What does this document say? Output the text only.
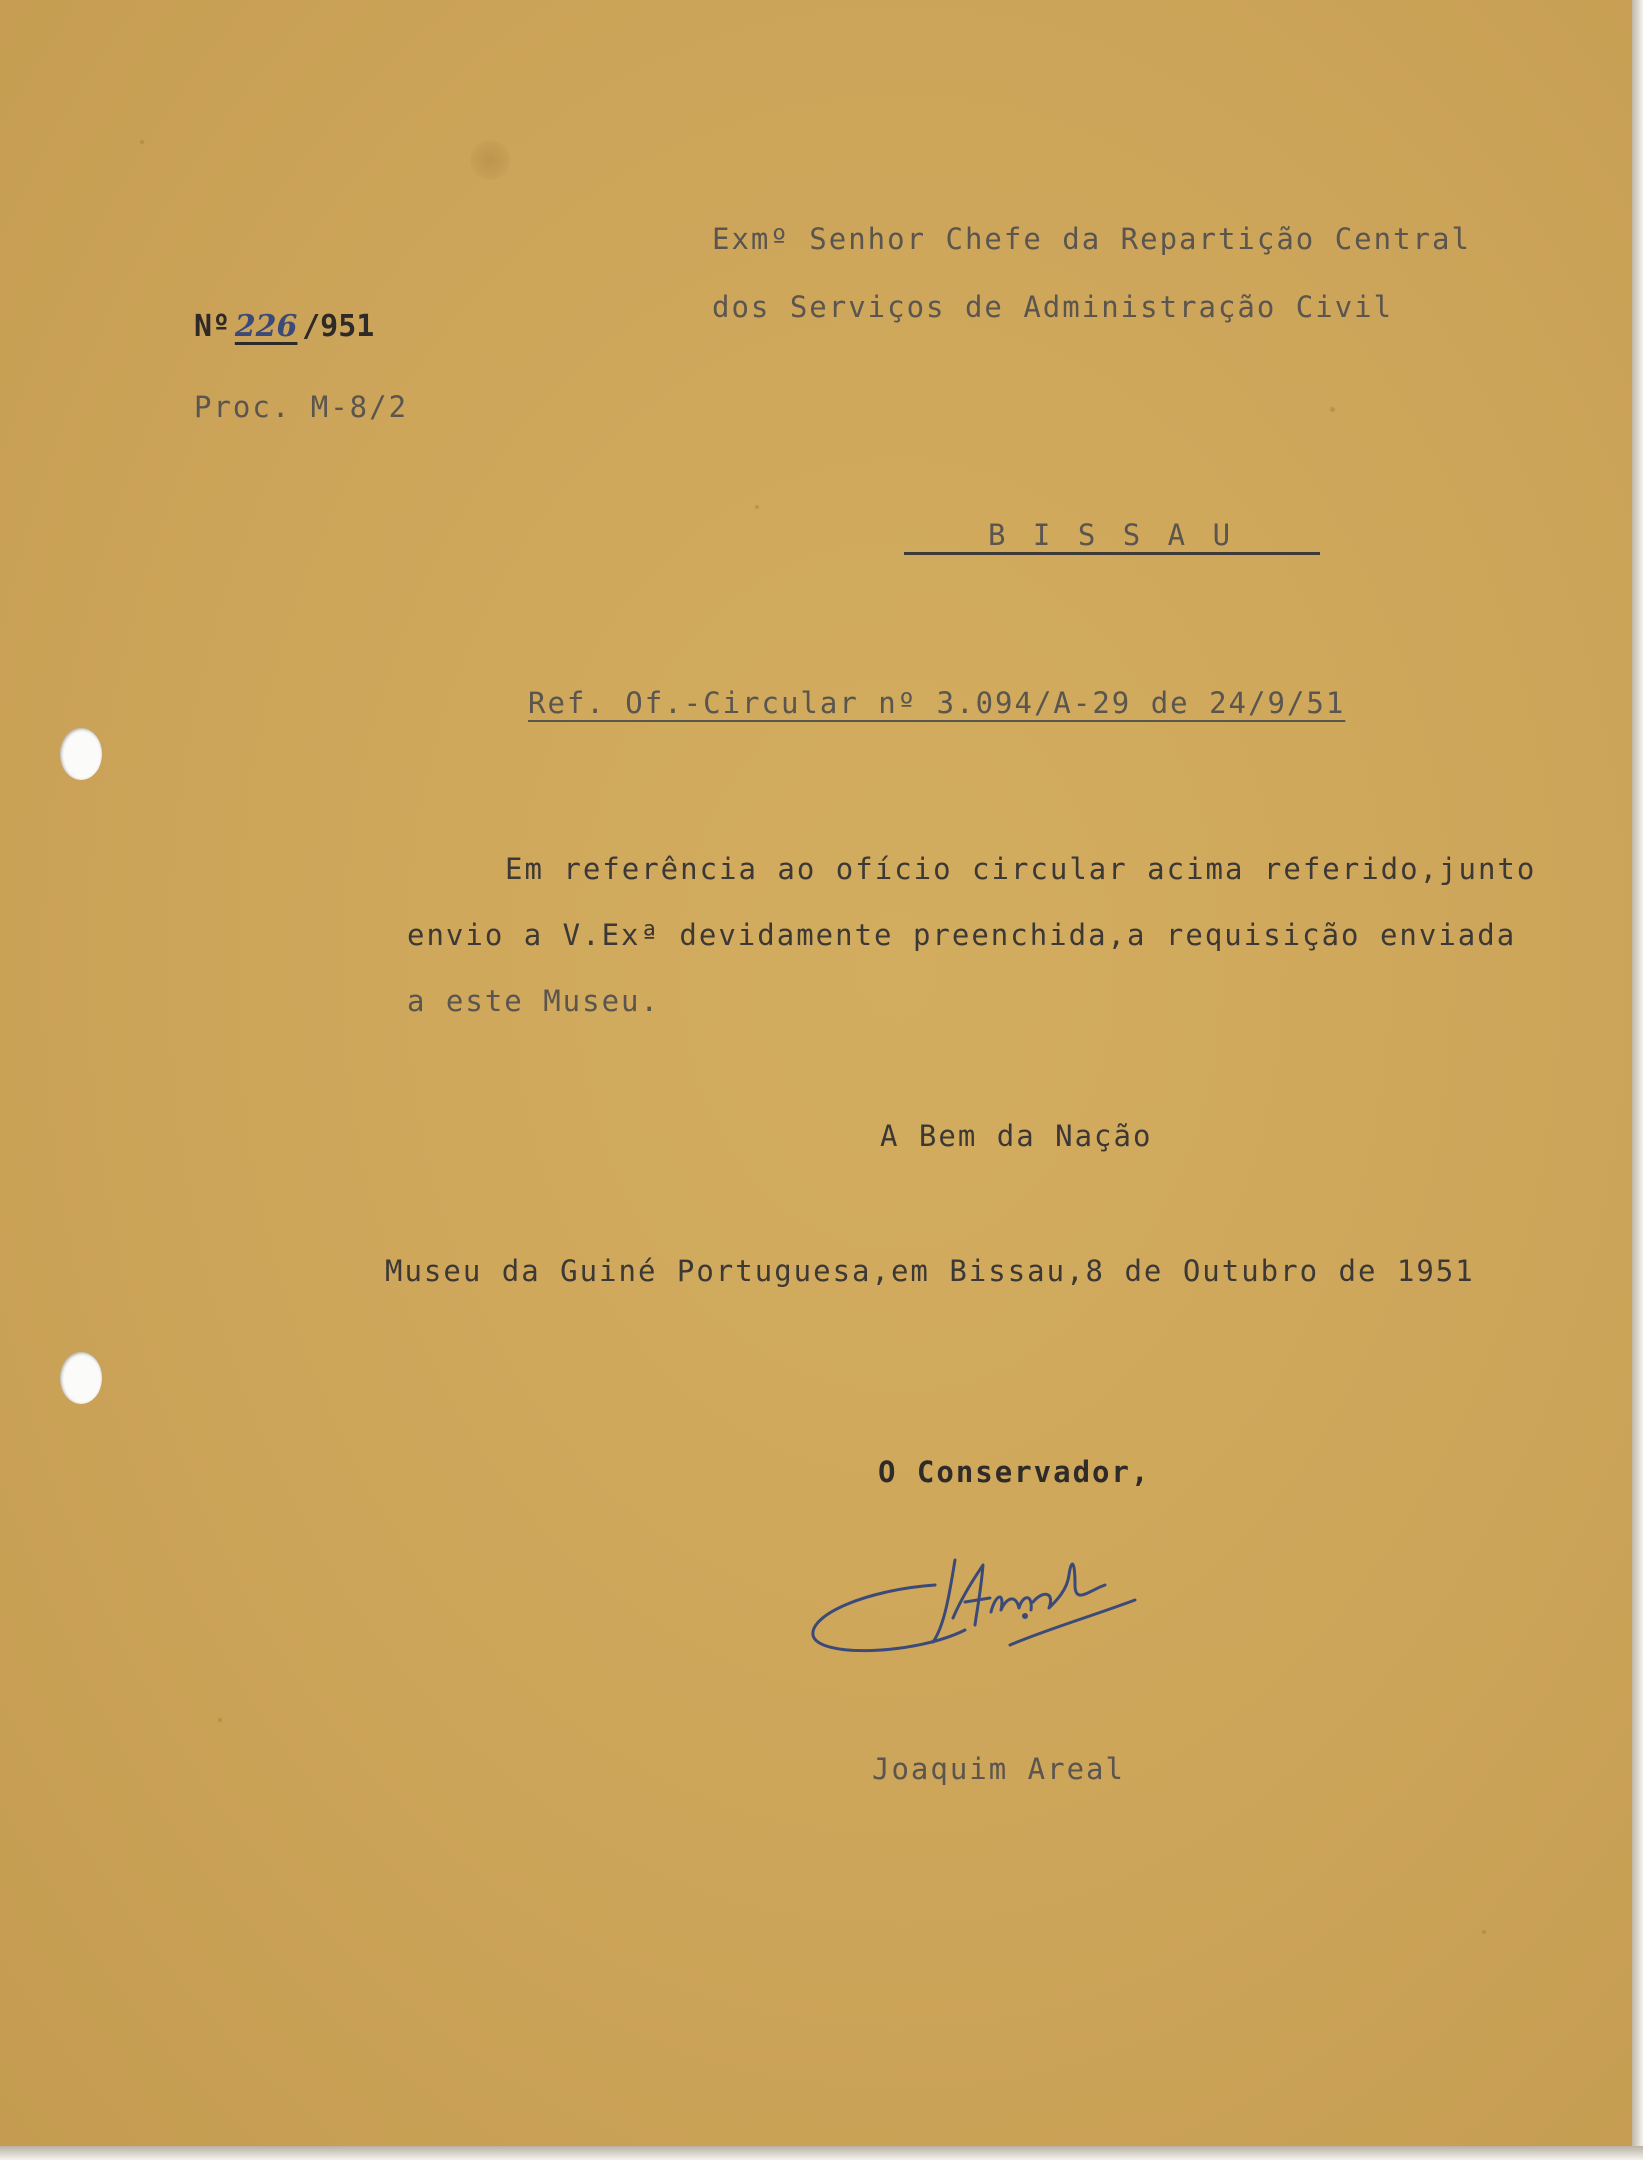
Exmº Senhor Chefe da Repartição Central
dos Serviços de Administração Civil
Nº 226 /951
Proc. M-8/2
B I S S A U
Ref. Of.-Circular nº 3.094/A-29 de 24/9/51
Em referência ao ofício circular acima referido,junto
envio a V.Exª devidamente preenchida,a requisição enviada
a este Museu.
A Bem da Nação
Museu da Guiné Portuguesa,em Bissau,8 de Outubro de 1951
O Conservador,
Joaquim Areal
